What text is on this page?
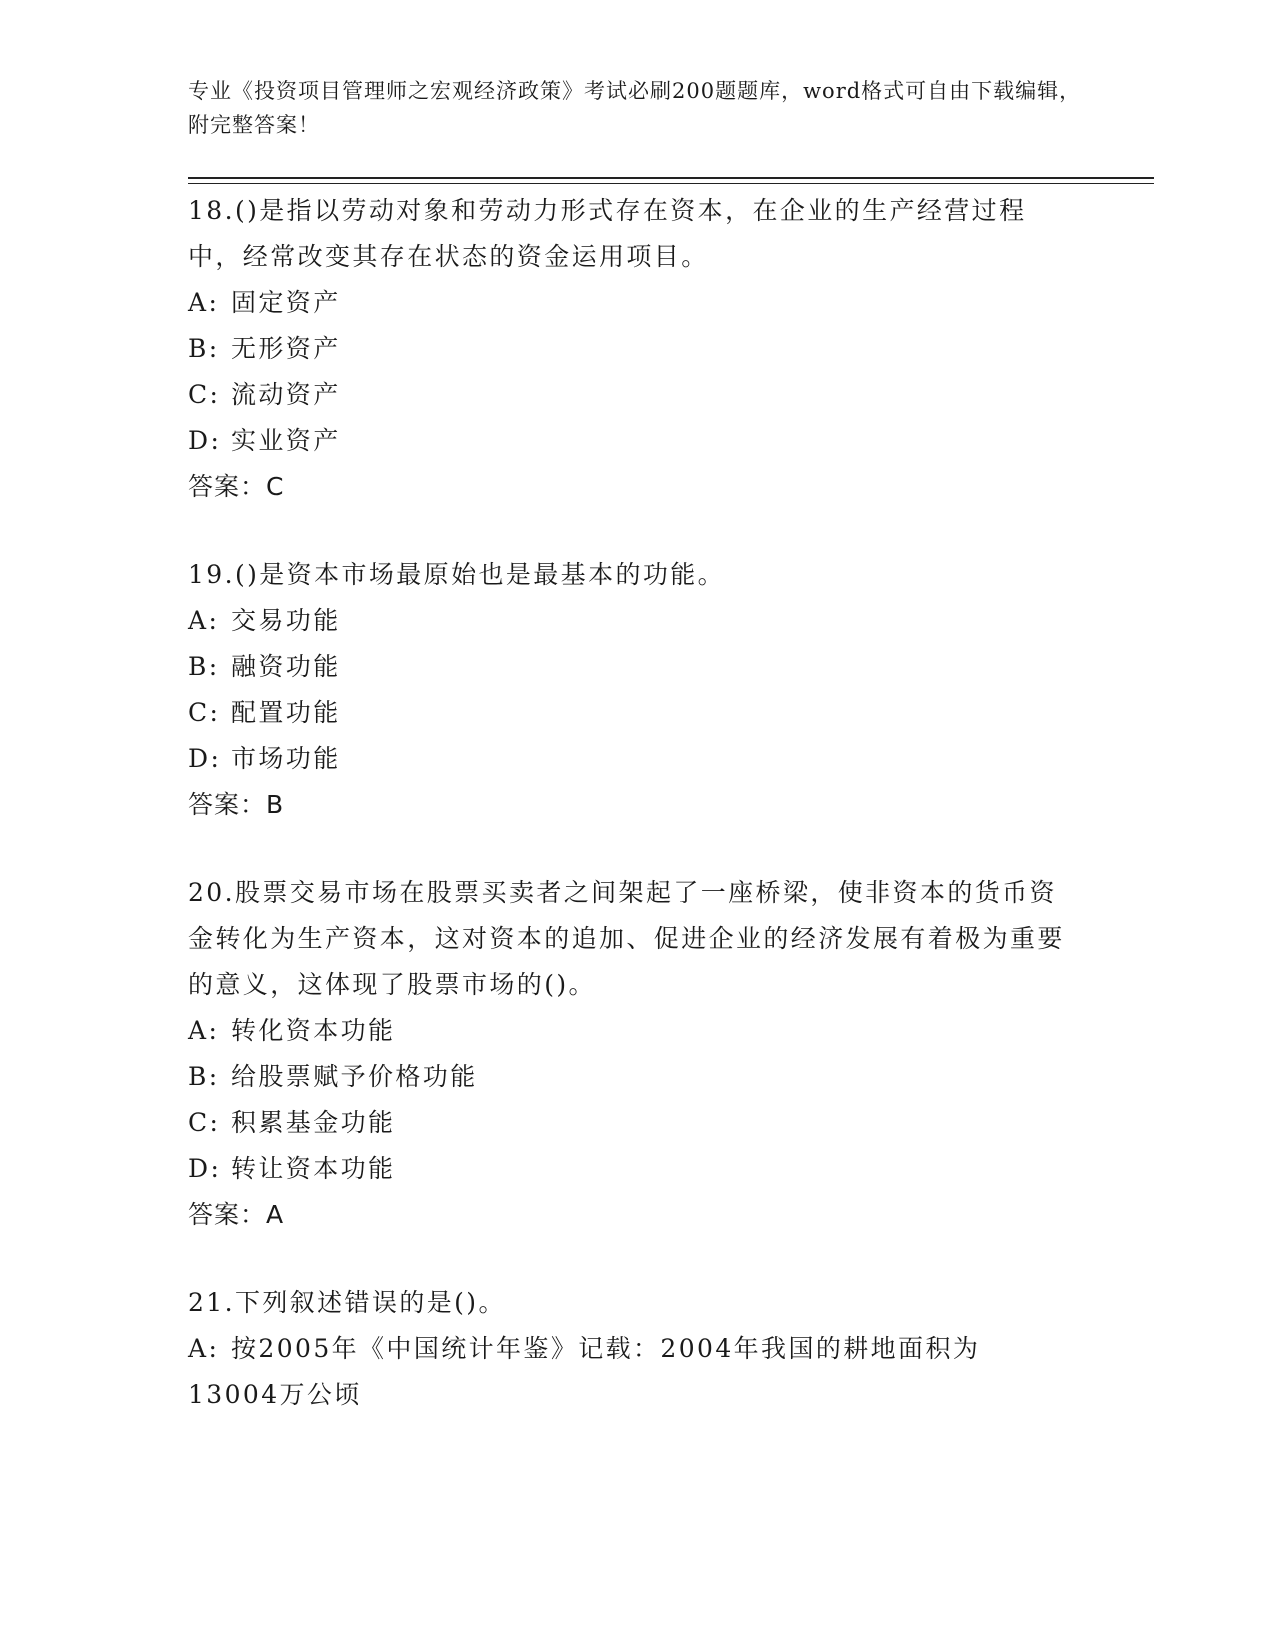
专业《投资项目管理师之宏观经济政策》考试必刷200题题库，word格式可自由下载编辑，附完整答案！
18.()是指以劳动对象和劳动力形式存在资本，在企业的生产经营过程中，经常改变其存在状态的资金运用项目。
A: 固定资产
B: 无形资产
C: 流动资产
D: 实业资产
答案：C
19.()是资本市场最原始也是最基本的功能。
A: 交易功能
B: 融资功能
C: 配置功能
D: 市场功能
答案：B
20.股票交易市场在股票买卖者之间架起了一座桥梁，使非资本的货币资金转化为生产资本，这对资本的追加、促进企业的经济发展有着极为重要的意义，这体现了股票市场的()。
A: 转化资本功能
B: 给股票赋予价格功能
C: 积累基金功能
D: 转让资本功能
答案：A
21.下列叙述错误的是()。
A: 按2005年《中国统计年鉴》记载：2004年我国的耕地面积为
13004万公顷
